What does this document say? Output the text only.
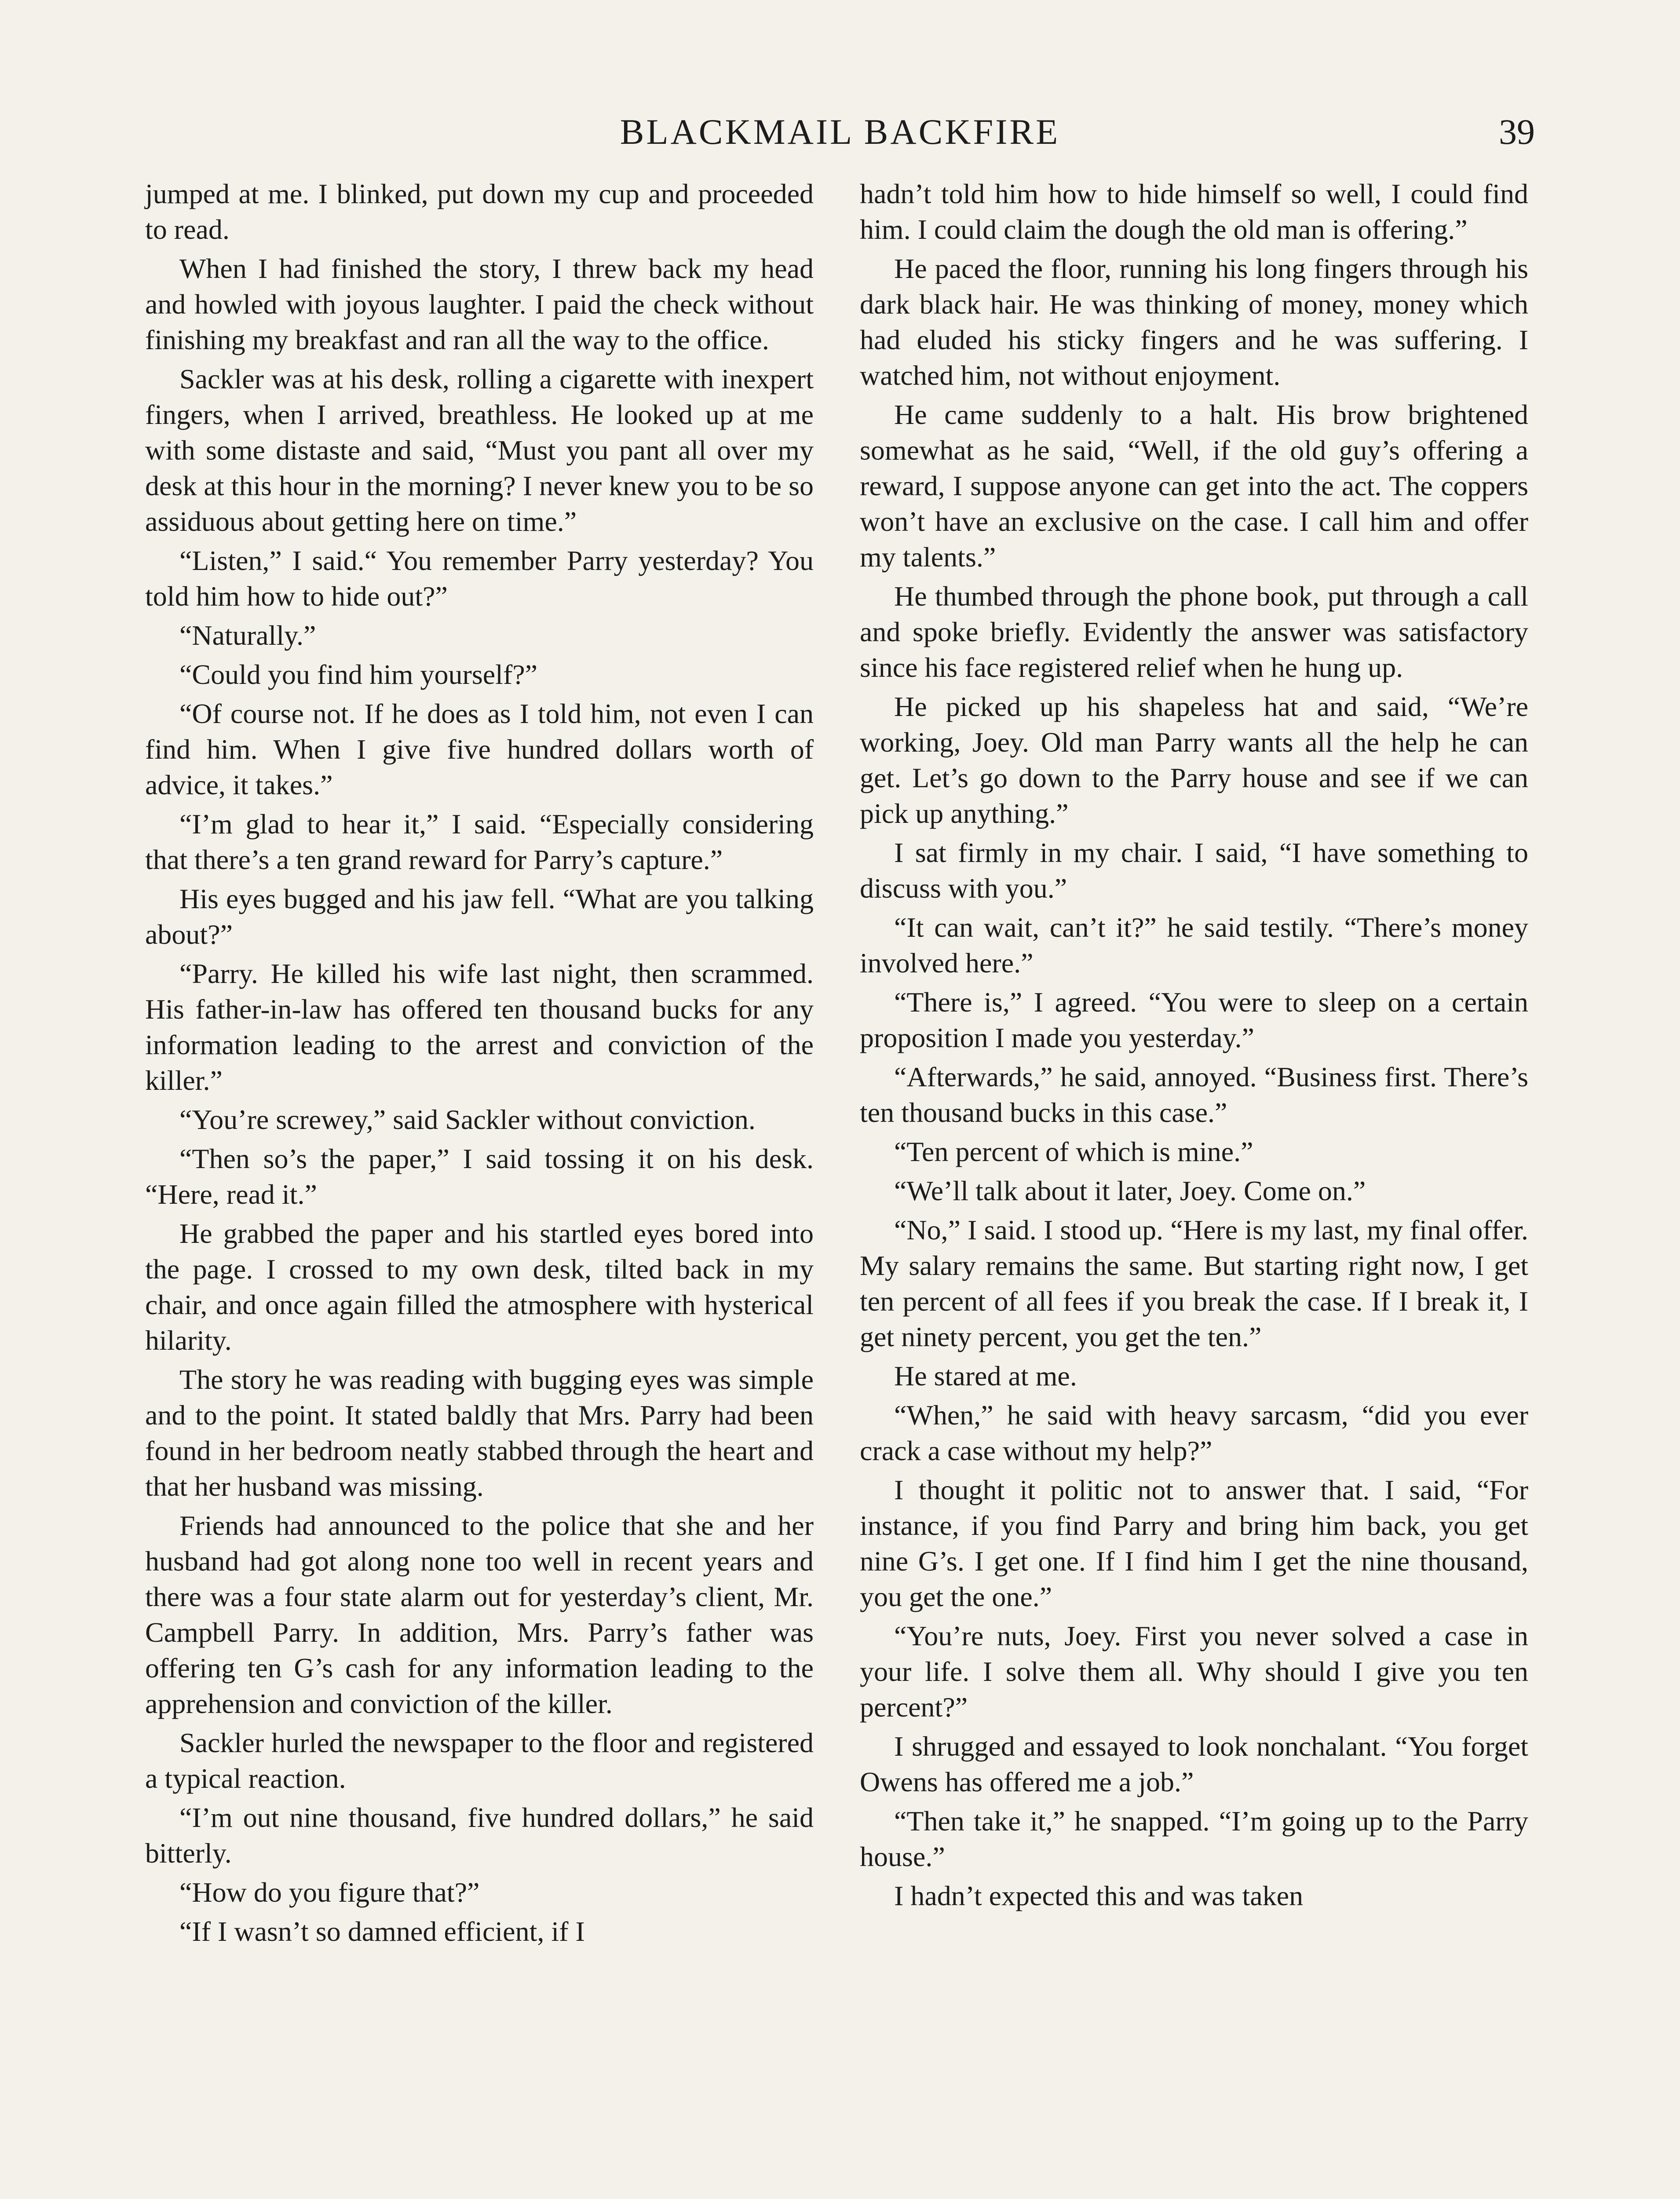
BLACKMAIL BACKFIRE	39

jumped at me. I blinked, put down my cup and proceeded to read.

When I had finished the story, I threw back my head and howled with joyous laughter. I paid the check without finishing my breakfast and ran all the way to the office.

Sackler was at his desk, rolling a cigarette with inexpert fingers, when I arrived, breathless. He looked up at me with some distaste and said, “Must you pant all over my desk at this hour in the morning? I never knew you to be so assiduous about getting here on time.”

“Listen,” I said.“ You remember Parry yesterday? You told him how to hide out?”

“Naturally.”

“Could you find him yourself?”

“Of course not. If he does as I told him, not even I can find him. When I give five hundred dollars worth of advice, it takes.”

“I’m glad to hear it,” I said. “Especially considering that there’s a ten grand reward for Parry’s capture.”

His eyes bugged and his jaw fell. “What are you talking about?”

“Parry. He killed his wife last night, then scrammed. His father-in-law has offered ten thousand bucks for any information leading to the arrest and conviction of the killer.”

“You’re screwey,” said Sackler without conviction.

“Then so’s the paper,” I said tossing it on his desk. “Here, read it.”

He grabbed the paper and his startled eyes bored into the page. I crossed to my own desk, tilted back in my chair, and once again filled the atmosphere with hysterical hilarity.

The story he was reading with bugging eyes was simple and to the point. It stated baldly that Mrs. Parry had been found in her bedroom neatly stabbed through the heart and that her husband was missing.

Friends had announced to the police that she and her husband had got along none too well in recent years and there was a four state alarm out for yesterday’s client, Mr. Campbell Parry. In addition, Mrs. Parry’s father was offering ten G’s cash for any information leading to the apprehension and conviction of the killer.

Sackler hurled the newspaper to the floor and registered a typical reaction.

“I’m out nine thousand, five hundred dollars,” he said bitterly.

“How do you figure that?”

“If I wasn’t so damned efficient, if I

hadn’t told him how to hide himself so well, I could find him. I could claim the dough the old man is offering.”

He paced the floor, running his long fingers through his dark black hair. He was thinking of money, money which had eluded his sticky fingers and he was suffering. I watched him, not without enjoyment.

He came suddenly to a halt. His brow brightened somewhat as he said, “Well, if the old guy’s offering a reward, I suppose anyone can get into the act. The coppers won’t have an exclusive on the case. I call him and offer my talents.”

He thumbed through the phone book, put through a call and spoke briefly. Evidently the answer was satisfactory since his face registered relief when he hung up.

He picked up his shapeless hat and said, “We’re working, Joey. Old man Parry wants all the help he can get. Let’s go down to the Parry house and see if we can pick up anything.”

I sat firmly in my chair. I said, “I have something to discuss with you.”

“It can wait, can’t it?” he said testily. “There’s money involved here.”

“There is,” I agreed. “You were to sleep on a certain proposition I made you yesterday.”

“Afterwards,” he said, annoyed. “Business first. There’s ten thousand bucks in this case.”

“Ten percent of which is mine.”

“We’ll talk about it later, Joey. Come on.”

“No,” I said. I stood up. “Here is my last, my final offer. My salary remains the same. But starting right now, I get ten percent of all fees if you break the case. If I break it, I get ninety percent, you get the ten.”

He stared at me.

“When,” he said with heavy sarcasm, “did you ever crack a case without my help?”

I thought it politic not to answer that. I said, “For instance, if you find Parry and bring him back, you get nine G’s. I get one. If I find him I get the nine thousand, you get the one.”

“You’re nuts, Joey. First you never solved a case in your life. I solve them all. Why should I give you ten percent?”

I shrugged and essayed to look nonchalant. “You forget Owens has offered me a job.”

“Then take it,” he snapped. “I’m going up to the Parry house.”

I hadn’t expected this and was taken
